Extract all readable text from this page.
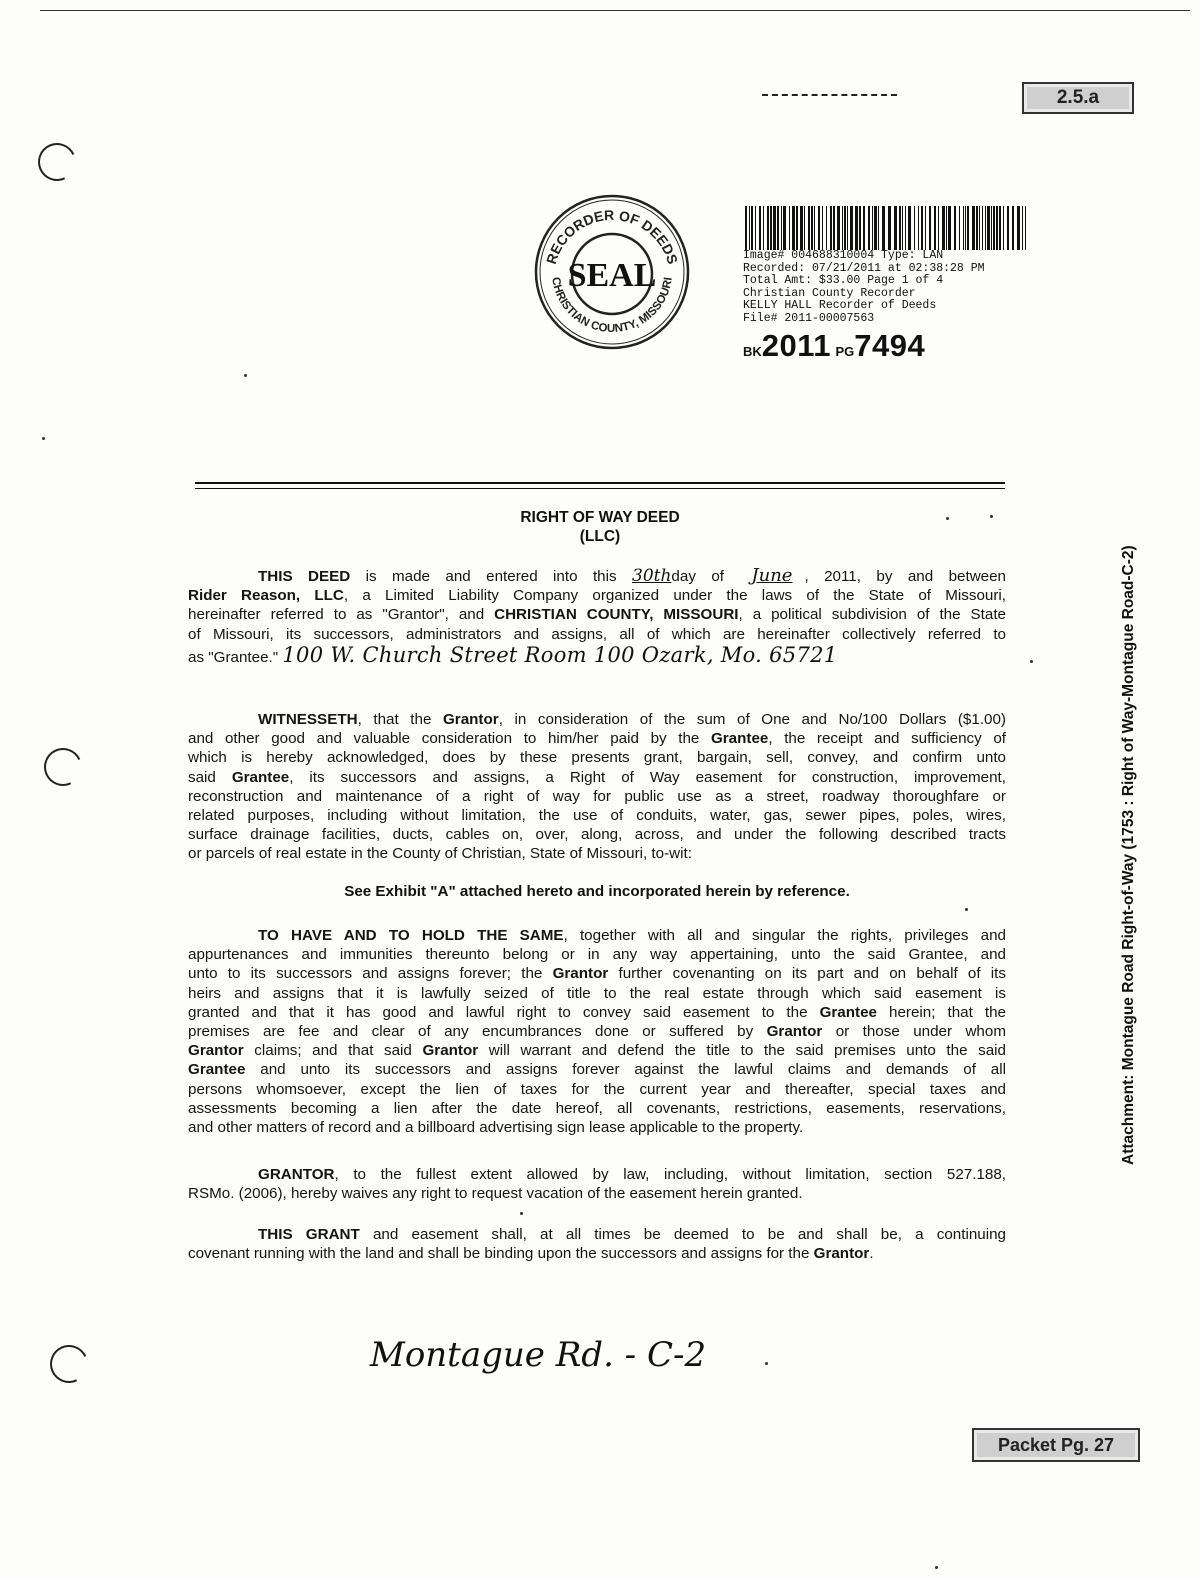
2.5.a
RECORDER OF DEEDS
CHRISTIAN COUNTY, MISSOURI
SEAL
Image# 004688310004 Type: LAN
Recorded: 07/21/2011 at 02:38:28 PM
Total Amt: $33.00 Page 1 of 4
Christian County Recorder
KELLY HALL Recorder of Deeds
File# 2011-00007563
BK2011 PG7494
RIGHT OF WAY DEED
(LLC)
THIS DEED is made and entered into this 30thday of June , 2011, by and between
Rider Reason, LLC, a Limited Liability Company organized under the laws of the State of Missouri,
hereinafter referred to as "Grantor", and CHRISTIAN COUNTY, MISSOURI, a political subdivision of the State
of Missouri, its successors, administrators and assigns, all of which are hereinafter collectively referred to
as "Grantee." 100 W. Church Street Room 100 Ozark, Mo. 65721
WITNESSETH, that the Grantor, in consideration of the sum of One and No/100 Dollars ($1.00)
and other good and valuable consideration to him/her paid by the Grantee, the receipt and sufficiency of
which is hereby acknowledged, does by these presents grant, bargain, sell, convey, and confirm unto
said Grantee, its successors and assigns, a Right of Way easement for construction, improvement,
reconstruction and maintenance of a right of way for public use as a street, roadway thoroughfare or
related purposes, including without limitation, the use of conduits, water, gas, sewer pipes, poles, wires,
surface drainage facilities, ducts, cables on, over, along, across, and under the following described tracts
or parcels of real estate in the County of Christian, State of Missouri, to-wit:
See Exhibit "A" attached hereto and incorporated herein by reference.
TO HAVE AND TO HOLD THE SAME, together with all and singular the rights, privileges and
appurtenances and immunities thereunto belong or in any way appertaining, unto the said Grantee, and
unto to its successors and assigns forever; the Grantor further covenanting on its part and on behalf of its
heirs and assigns that it is lawfully seized of title to the real estate through which said easement is
granted and that it has good and lawful right to convey said easement to the Grantee herein; that the
premises are fee and clear of any encumbrances done or suffered by Grantor or those under whom
Grantor claims; and that said Grantor will warrant and defend the title to the said premises unto the said
Grantee and unto its successors and assigns forever against the lawful claims and demands of all
persons whomsoever, except the lien of taxes for the current year and thereafter, special taxes and
assessments becoming a lien after the date hereof, all covenants, restrictions, easements, reservations,
and other matters of record and a billboard advertising sign lease applicable to the property.
GRANTOR, to the fullest extent allowed by law, including, without limitation, section 527.188,
RSMo. (2006), hereby waives any right to request vacation of the easement herein granted.
THIS GRANT and easement shall, at all times be deemed to be and shall be, a continuing
covenant running with the land and shall be binding upon the successors and assigns for the Grantor.
Montague Rd. - C-2
Attachment: Montague Road Right-of-Way (1753 : Right of Way-Montague Road-C-2)
Packet Pg. 27
